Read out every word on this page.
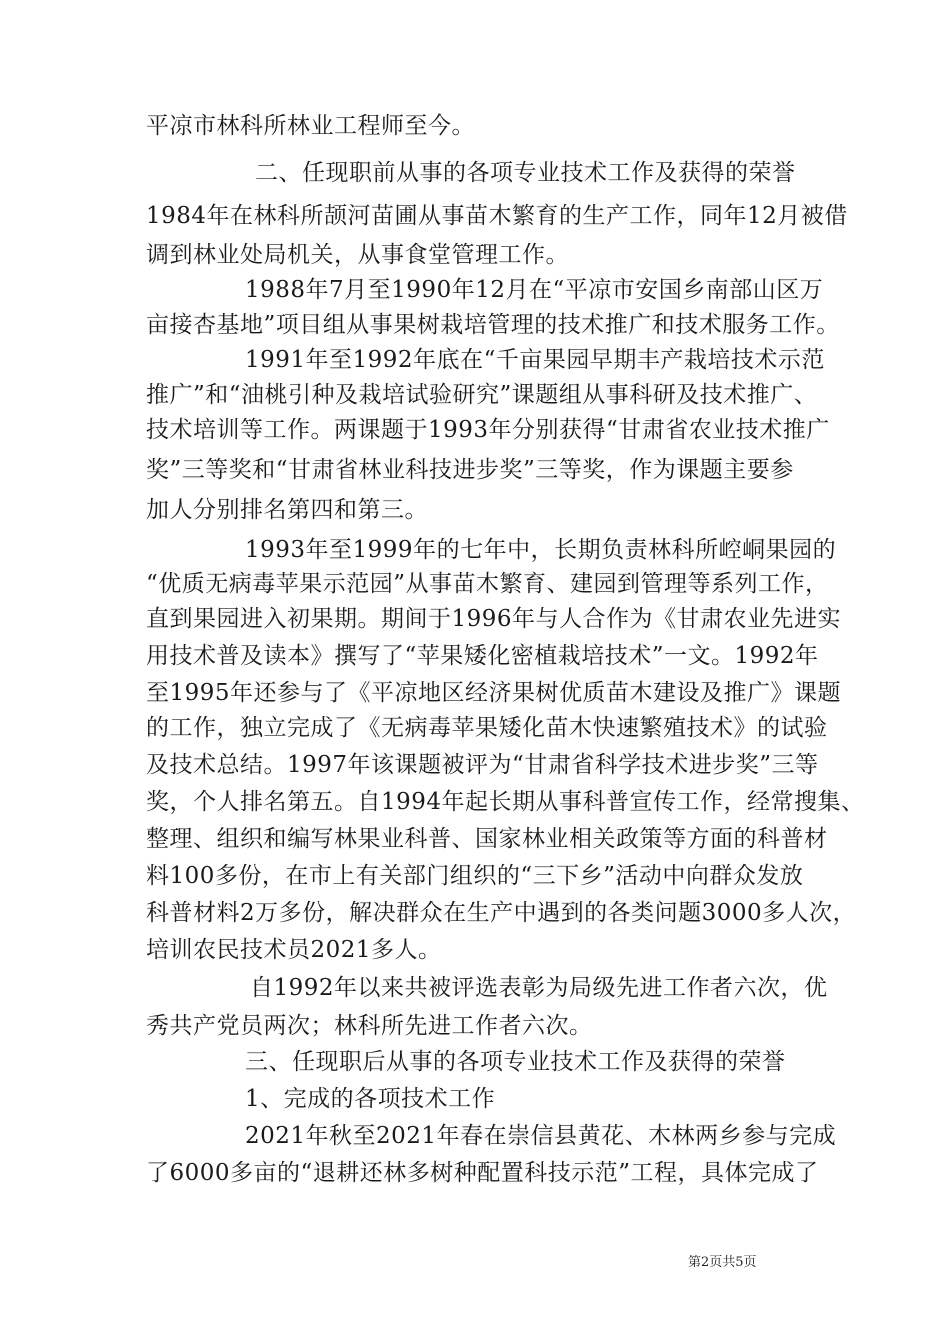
平凉市林科所林业工程师至今。
二、任现职前从事的各项专业技术工作及获得的荣誉
1984年在林科所颉河苗圃从事苗木繁育的生产工作，同年12月被借
调到林业处局机关，从事食堂管理工作。
1988年7月至1990年12月在“平凉市安国乡南部山区万
亩接杏基地”项目组从事果树栽培管理的技术推广和技术服务工作。
1991年至1992年底在“千亩果园早期丰产栽培技术示范
推广”和“油桃引种及栽培试验研究”课题组从事科研及技术推广、
技术培训等工作。两课题于1993年分别获得“甘肃省农业技术推广
奖”三等奖和“甘肃省林业科技进步奖”三等奖，作为课题主要参
加人分别排名第四和第三。
1993年至1999年的七年中，长期负责林科所崆峒果园的
“优质无病毒苹果示范园”从事苗木繁育、建园到管理等系列工作，
直到果园进入初果期。期间于1996年与人合作为《甘肃农业先进实
用技术普及读本》撰写了“苹果矮化密植栽培技术”一文。1992年
至1995年还参与了《平凉地区经济果树优质苗木建设及推广》课题
的工作，独立完成了《无病毒苹果矮化苗木快速繁殖技术》的试验
及技术总结。1997年该课题被评为“甘肃省科学技术进步奖”三等
奖，个人排名第五。自1994年起长期从事科普宣传工作，经常搜集、
整理、组织和编写林果业科普、国家林业相关政策等方面的科普材
料100多份，在市上有关部门组织的“三下乡”活动中向群众发放
科普材料2万多份，解决群众在生产中遇到的各类问题3000多人次，
培训农民技术员2021多人。
自1992年以来共被评选表彰为局级先进工作者六次，优
秀共产党员两次；林科所先进工作者六次。
三、任现职后从事的各项专业技术工作及获得的荣誉
1、完成的各项技术工作
2021年秋至2021年春在崇信县黄花、木林两乡参与完成
了6000多亩的“退耕还林多树种配置科技示范”工程，具体完成了
第2页共5页
